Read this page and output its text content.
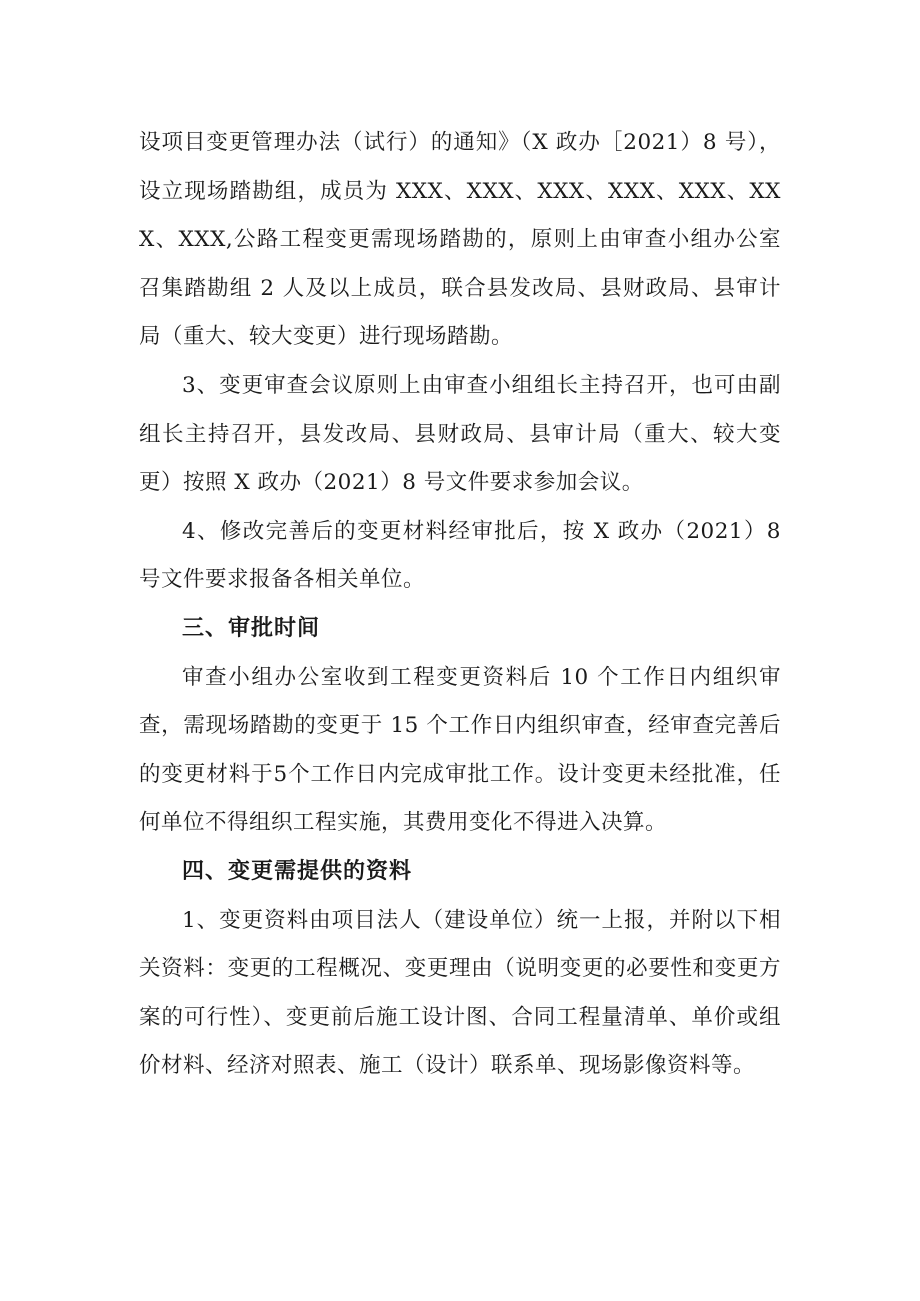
设项目变更管理办法（试行）的通知》（X 政办［2021）8 号），设立现场踏勘组，成员为 XXX、XXX、XXX、XXX、XXX、XXX、XXX,公路工程变更需现场踏勘的，原则上由审查小组办公室召集踏勘组 2 人及以上成员，联合县发改局、县财政局、县审计局（重大、较大变更）进行现场踏勘。

3、变更审查会议原则上由审查小组组长主持召开，也可由副组长主持召开，县发改局、县财政局、县审计局（重大、较大变更）按照 X 政办（2021）8 号文件要求参加会议。

4、修改完善后的变更材料经审批后，按 X 政办（2021）8 号文件要求报备各相关单位。

三、审批时间

审查小组办公室收到工程变更资料后 10 个工作日内组织审查，需现场踏勘的变更于 15 个工作日内组织审查，经审查完善后的变更材料于5个工作日内完成审批工作。设计变更未经批准，任何单位不得组织工程实施，其费用变化不得进入决算。

四、变更需提供的资料

1、变更资料由项目法人（建设单位）统一上报，并附以下相关资料：变更的工程概况、变更理由（说明变更的必要性和变更方案的可行性）、变更前后施工设计图、合同工程量清单、单价或组价材料、经济对照表、施工（设计）联系单、现场影像资料等。
